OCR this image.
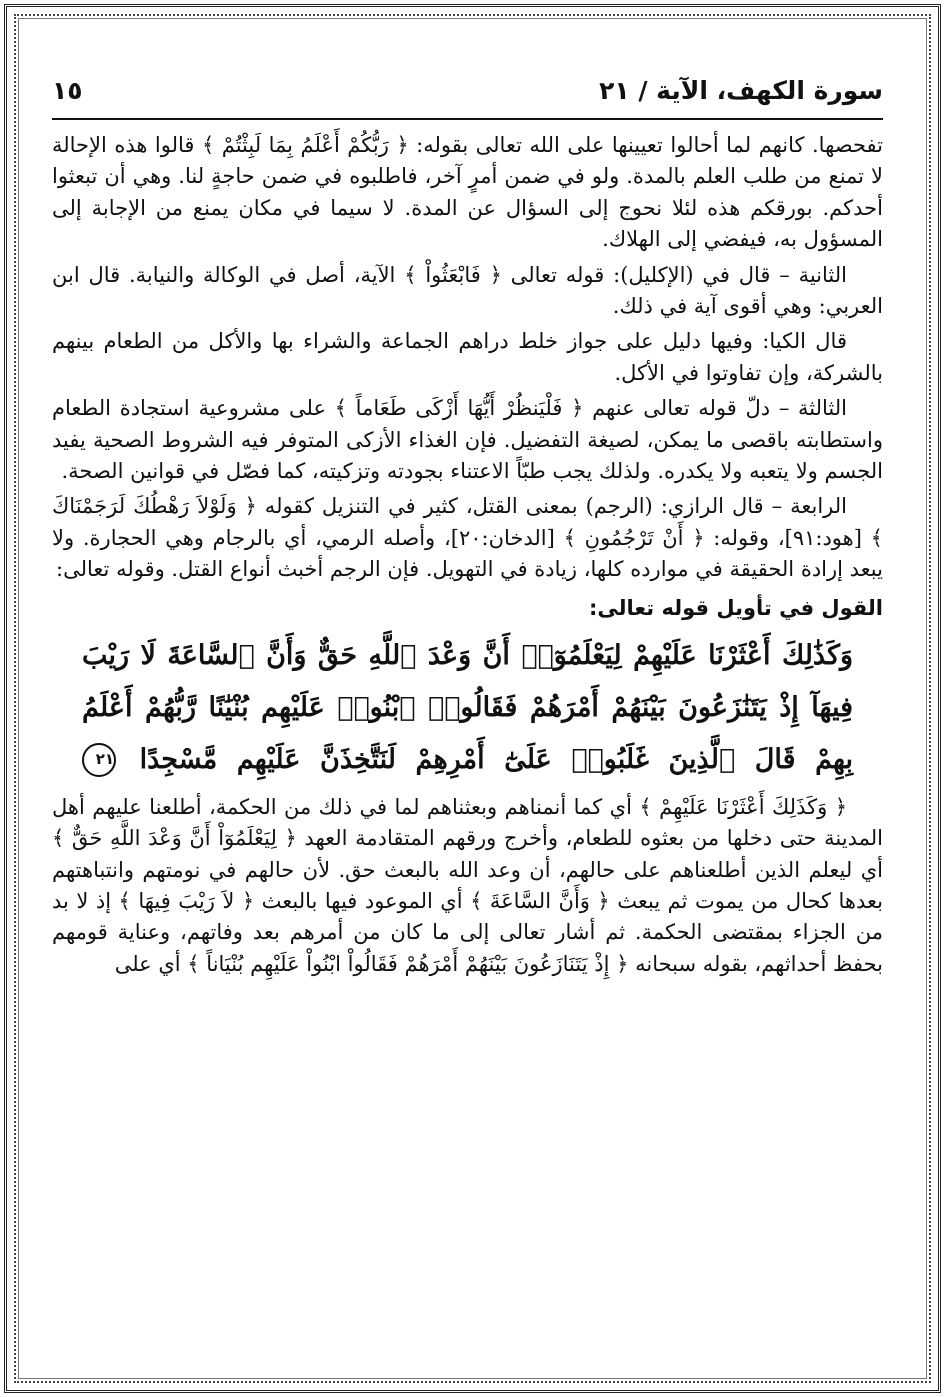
سورة الكهف، الآية / ٢١
١٥

تفحصها. كانهم لما أحالوا تعيينها على الله تعالى بقوله: ﴿ رَبُّكُمْ أَعْلَمُ بِمَا لَبِثْتُمْ ﴾ قالوا هذه الإحالة لا تمنع من طلب العلم بالمدة. ولو في ضمن أمرٍ آخر، فاطلبوه في ضمن حاجةٍ لنا. وهي أن تبعثوا أحدكم. بورقكم هذه لئلا نحوج إلى السؤال عن المدة. لا سيما في مكان يمنع من الإجابة إلى المسؤول به، فيفضي إلى الهلاك.

الثانية – قال في (الإكليل): قوله تعالى ﴿ فَابْعَثُواْ ﴾ الآية، أصل في الوكالة والنيابة. قال ابن العربي: وهي أقوى آية في ذلك.

قال الكيا: وفيها دليل على جواز خلط دراهم الجماعة والشراء بها والأكل من الطعام بينهم بالشركة، وإن تفاوتوا في الأكل.

الثالثة – دلّ قوله تعالى عنهم ﴿ فَلْيَنظُرْ أَيُّهَا أَزْكَى طَعَاماً ﴾ على مشروعية استجادة الطعام واستطابته باقصى ما يمكن، لصيغة التفضيل. فإن الغذاء الأزكى المتوفر فيه الشروط الصحية يفيد الجسم ولا يتعبه ولا يكدره. ولذلك يجب طبّاً الاعتناء بجودته وتزكيته، كما فصّل في قوانين الصحة.

الرابعة – قال الرازي: (الرجم) بمعنى القتل، كثير في التنزيل كقوله ﴿ وَلَوْلاَ رَهْطُكَ لَرَجَمْنَاكَ ﴾ [هود:٩١]، وقوله: ﴿ أَنْ تَرْجُمُونِ ﴾ [الدخان:٢٠]، وأصله الرمي، أي بالرجام وهي الحجارة. ولا يبعد إرادة الحقيقة في موارده كلها، زيادة في التهويل. فإن الرجم أخبث أنواع القتل. وقوله تعالى:

القول في تأويل قوله تعالى:
وَكَذَٰلِكَ أَعْثَرْنَا عَلَيْهِمْ لِيَعْلَمُوٓا۟ أَنَّ وَعْدَ ٱللَّهِ حَقٌّ وَأَنَّ ٱلسَّاعَةَ لَا رَيْبَ فِيهَآ إِذْ يَتَنَٰزَعُونَ بَيْنَهُمْ أَمْرَهُمْ فَقَالُوا۟ ٱبْنُوا۟ عَلَيْهِم بُنْيَٰنًا رَّبُّهُمْ أَعْلَمُ بِهِمْ قَالَ ٱلَّذِينَ غَلَبُوا۟ عَلَىٰٓ أَمْرِهِمْ لَنَتَّخِذَنَّ عَلَيْهِم مَّسْجِدًا ٢١

﴿ وَكَذَلِكَ أَعْثَرْنَا عَلَيْهِمْ ﴾ أي كما أنمناهم وبعثناهم لما في ذلك من الحكمة، أطلعنا عليهم أهل المدينة حتى دخلها من بعثوه للطعام، وأخرج ورقهم المتقادمة العهد ﴿ لِيَعْلَمُوٓاْ أَنَّ وَعْدَ اللَّهِ حَقٌّ ﴾ أي ليعلم الذين أطلعناهم على حالهم، أن وعد الله بالبعث حق. لأن حالهم في نومتهم وانتباهتهم بعدها كحال من يموت ثم يبعث ﴿ وَأَنَّ السَّاعَةَ ﴾ أي الموعود فيها بالبعث ﴿ لاَ رَيْبَ فِيهَا ﴾ إذ لا بد من الجزاء بمقتضى الحكمة. ثم أشار تعالى إلى ما كان من أمرهم بعد وفاتهم، وعناية قومهم بحفظ أحداثهم، بقوله سبحانه ﴿ إِذْ يَتَنَازَعُونَ بَيْنَهُمْ أَمْرَهُمْ فَقَالُواْ ابْنُواْ عَلَيْهِم بُنْيَاناً ﴾ أي على
